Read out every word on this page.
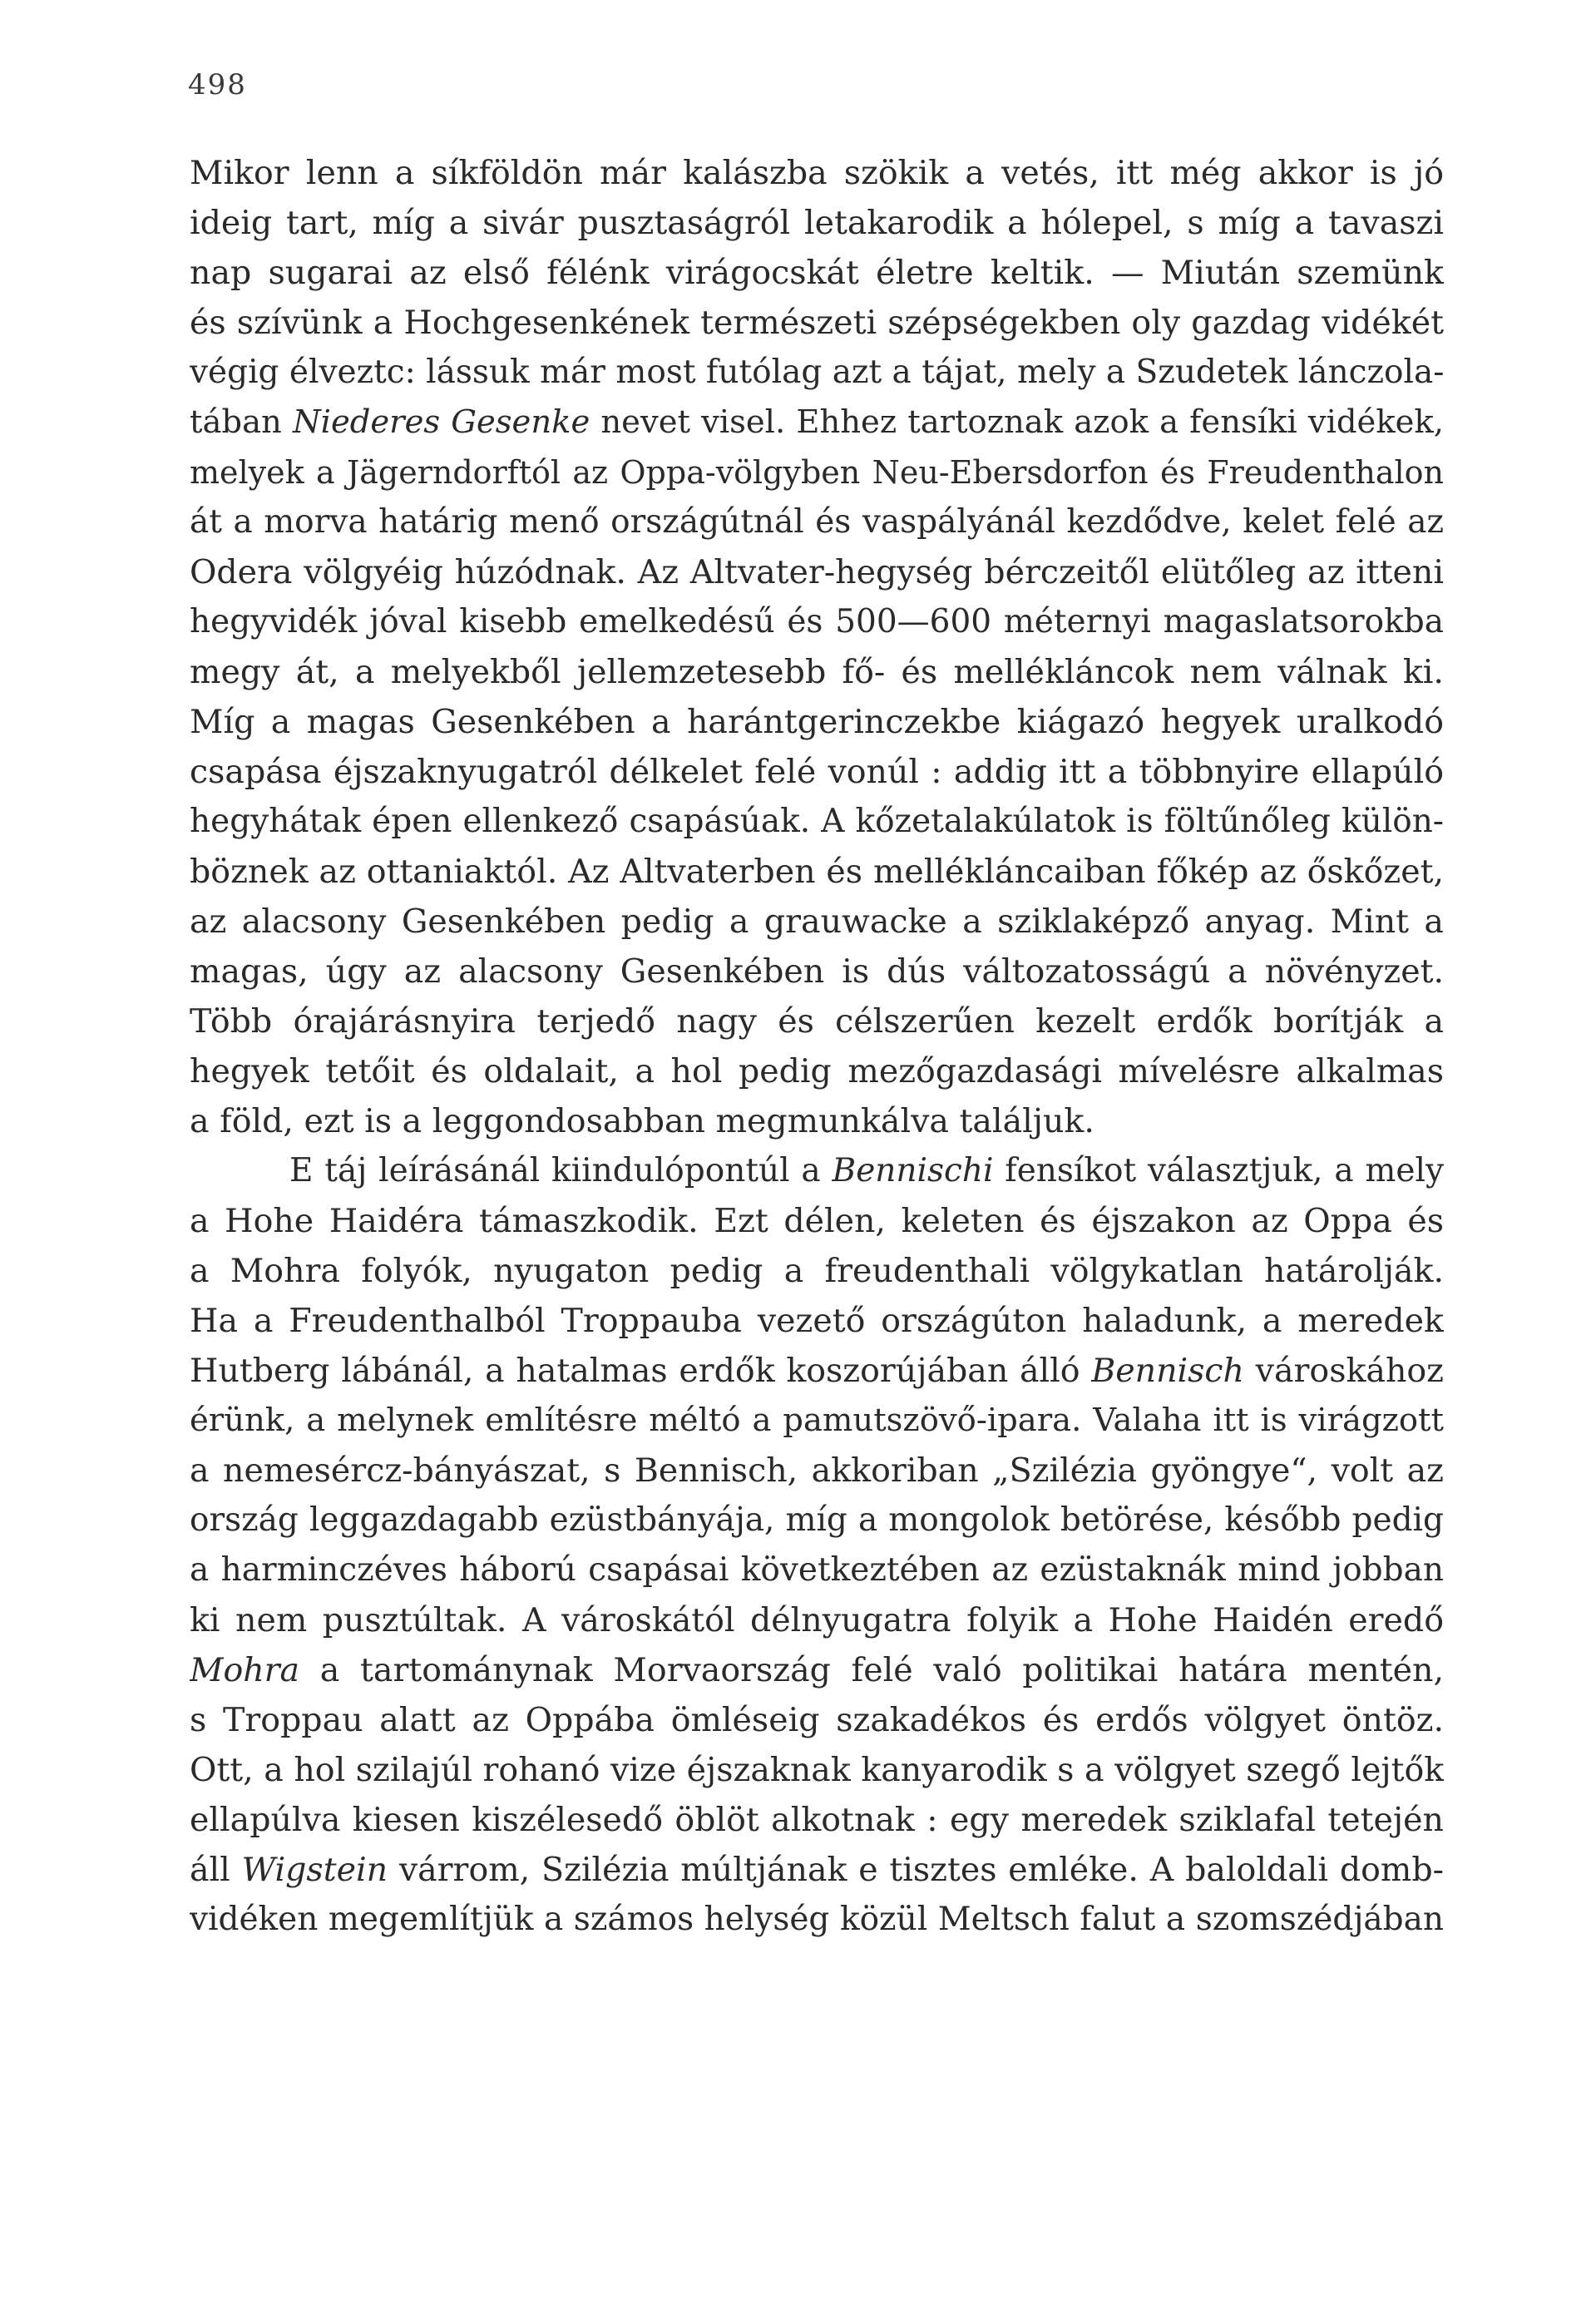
498
Mikor lenn a síkföldön már kalászba szökik a vetés, itt még akkor is jó
ideig tart, míg a sivár pusztaságról letakarodik a hólepel, s míg a tavaszi
nap sugarai az első félénk virágocskát életre keltik. — Miután szemünk
és szívünk a Hochgesenkének természeti szépségekben oly gazdag vidékét
végig élveztc: lássuk már most futólag azt a tájat, mely a Szudetek lánczola-
tában Niederes Gesenke nevet visel. Ehhez tartoznak azok a fensíki vidékek,
melyek a Jägerndorftól az Oppa-völgyben Neu-Ebersdorfon és Freudenthalon
át a morva határig menő országútnál és vaspályánál kezdődve, kelet felé az
Odera völgyéig húzódnak. Az Altvater-hegység bérczeitől elütőleg az itteni
hegyvidék jóval kisebb emelkedésű és 500—600 méternyi magaslatsorokba
megy át, a melyekből jellemzetesebb fő- és mellékláncok nem válnak ki.
Míg a magas Gesenkében a harántgerinczekbe kiágazó hegyek uralkodó
csapása éjszaknyugatról délkelet felé vonúl : addig itt a többnyire ellapúló
hegyhátak épen ellenkező csapásúak. A kőzetalakúlatok is föltűnőleg külön-
böznek az ottaniaktól. Az Altvaterben és mellékláncaiban főkép az őskőzet,
az alacsony Gesenkében pedig a grauwacke a sziklaképző anyag. Mint a
magas, úgy az alacsony Gesenkében is dús változatosságú a növényzet.
Több órajárásnyira terjedő nagy és célszerűen kezelt erdők borítják a
hegyek tetőit és oldalait, a hol pedig mezőgazdasági mívelésre alkalmas
a föld, ezt is a leggondosabban megmunkálva találjuk.
E táj leírásánál kiindulópontúl a Bennischi fensíkot választjuk, a mely
a Hohe Haidéra támaszkodik. Ezt délen, keleten és éjszakon az Oppa és
a Mohra folyók, nyugaton pedig a freudenthali völgykatlan határolják.
Ha a Freudenthalból Troppauba vezető országúton haladunk, a meredek
Hutberg lábánál, a hatalmas erdők koszorújában álló Bennisch városkához
érünk, a melynek említésre méltó a pamutszövő-ipara. Valaha itt is virágzott
a nemesércz-bányászat, s Bennisch, akkoriban „Szilézia gyöngye“, volt az
ország leggazdagabb ezüstbányája, míg a mongolok betörése, később pedig
a harminczéves háború csapásai következtében az ezüstaknák mind jobban
ki nem pusztúltak. A városkától délnyugatra folyik a Hohe Haidén eredő
Mohra a tartománynak Morvaország felé való politikai határa mentén,
s Troppau alatt az Oppába ömléseig szakadékos és erdős völgyet öntöz.
Ott, a hol szilajúl rohanó vize éjszaknak kanyarodik s a völgyet szegő lejtők
ellapúlva kiesen kiszélesedő öblöt alkotnak : egy meredek sziklafal tetején
áll Wigstein várrom, Szilézia múltjának e tisztes emléke. A baloldali domb-
vidéken megemlítjük a számos helység közül Meltsch falut a szomszédjában
